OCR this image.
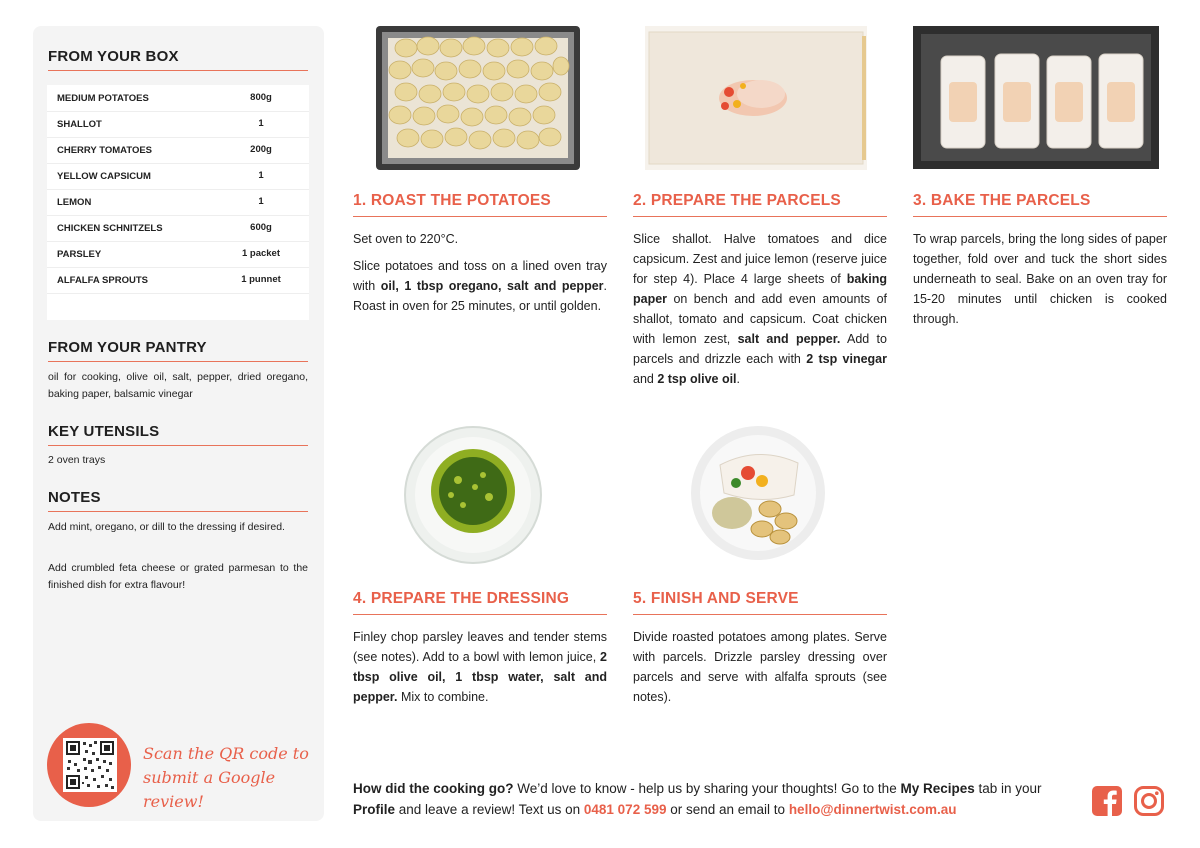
FROM YOUR BOX
MEDIUM POTATOES	800g
SHALLOT	1
CHERRY TOMATOES	200g
YELLOW CAPSICUM	1
LEMON	1
CHICKEN SCHNITZELS	600g
PARSLEY	1 packet
ALFALFA SPROUTS	1 punnet
FROM YOUR PANTRY
oil for cooking, olive oil, salt, pepper, dried oregano, baking paper, balsamic vinegar
KEY UTENSILS
2 oven trays
NOTES
Add mint, oregano, or dill to the dressing if desired.
Add crumbled feta cheese or grated parmesan to the finished dish for extra flavour!
Scan the QR code to
submit a Google review!
1. ROAST THE POTATOES

Set oven to 220°C.

Slice potatoes and toss on a lined oven tray with oil, 1 tbsp oregano, salt and pepper. Roast in oven for 25 minutes, or until golden.

2. PREPARE THE PARCELS

Slice shallot. Halve tomatoes and dice capsicum. Zest and juice lemon (reserve juice for step 4). Place 4 large sheets of baking paper on bench and add even amounts of shallot, tomato and capsicum. Coat chicken with lemon zest, salt and pepper. Add to parcels and drizzle each with 2 tsp vinegar and 2 tsp olive oil.

3. BAKE THE PARCELS

To wrap parcels, bring the long sides of paper together, fold over and tuck the short sides underneath to seal. Bake on an oven tray for 15-20 minutes until chicken is cooked through.

4. PREPARE THE DRESSING

Finley chop parsley leaves and tender stems (see notes). Add to a bowl with lemon juice, 2 tbsp olive oil, 1 tbsp water, salt and pepper. Mix to combine.

5. FINISH AND SERVE

Divide roasted potatoes among plates. Serve with parcels. Drizzle parsley dressing over parcels and serve with alfalfa sprouts (see notes).

How did the cooking go? We’d love to know - help us by sharing your thoughts! Go to the My Recipes tab in your Profile and leave a review! Text us on 0481 072 599 or send an email to hello@dinnertwist.com.au
